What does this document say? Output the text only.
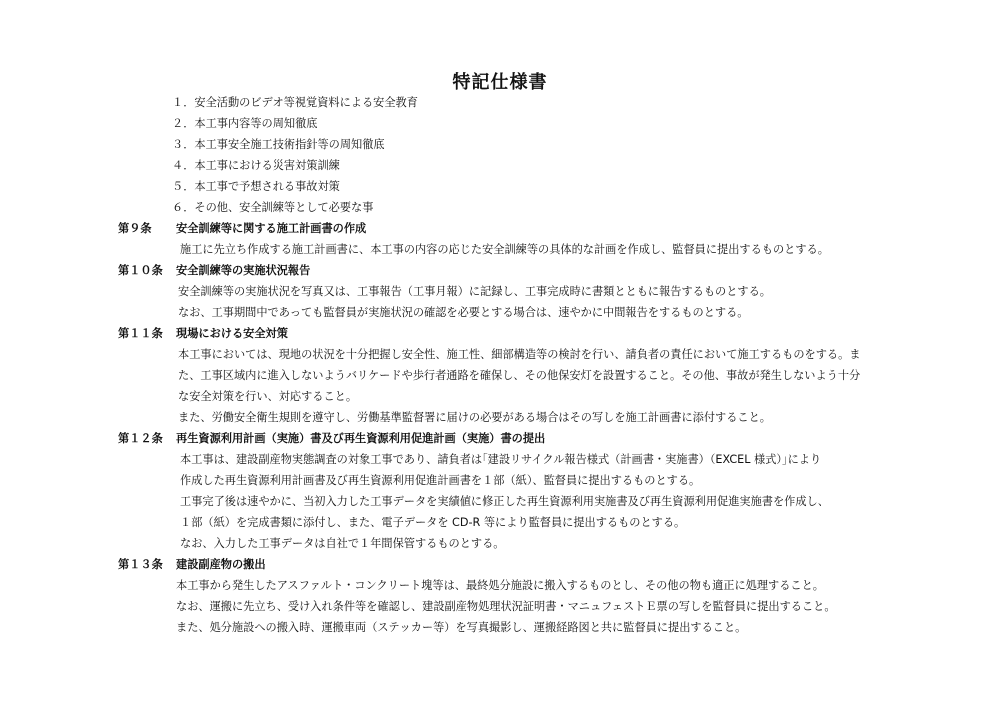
特記仕様書
１．安全活動のビデオ等視覚資料による安全教育
２．本工事内容等の周知徹底
３．本工事安全施工技術指針等の周知徹底
４．本工事における災害対策訓練
５．本工事で予想される事故対策
６．その他、安全訓練等として必要な事
第９条 安全訓練等に関する施工計画書の作成
施工に先立ち作成する施工計画書に、本工事の内容の応じた安全訓練等の具体的な計画を作成し、監督員に提出するものとする。
第１０条 安全訓練等の実施状況報告
安全訓練等の実施状況を写真又は、工事報告（工事月報）に記録し、工事完成時に書類とともに報告するものとする。
なお、工事期間中であっても監督員が実施状況の確認を必要とする場合は、速やかに中間報告をするものとする。
第１１条 現場における安全対策
本工事においては、現地の状況を十分把握し安全性、施工性、細部構造等の検討を行い、請負者の責任において施工するものをする。ま
た、工事区域内に進入しないようバリケードや歩行者通路を確保し、その他保安灯を設置すること。その他、事故が発生しないよう十分
な安全対策を行い、対応すること。
また、労働安全衛生規則を遵守し、労働基準監督署に届けの必要がある場合はその写しを施工計画書に添付すること。
第１２条 再生資源利用計画（実施）書及び再生資源利用促進計画（実施）書の提出
本工事は、建設副産物実態調査の対象工事であり、請負者は｢建設リサイクル報告様式（計画書・実施書）（EXCEL 様式）｣により
作成した再生資源利用計画書及び再生資源利用促進計画書を１部（紙）、監督員に提出するものとする。
工事完了後は速やかに、当初入力した工事データを実績値に修正した再生資源利用実施書及び再生資源利用促進実施書を作成し、
１部（紙）を完成書類に添付し、また、電子データを CD-R 等により監督員に提出するものとする。
なお、入力した工事データは自社で１年間保管するものとする。
第１３条 建設副産物の搬出
本工事から発生したアスファルト・コンクリート塊等は、最終処分施設に搬入するものとし、その他の物も適正に処理すること。
なお、運搬に先立ち、受け入れ条件等を確認し、建設副産物処理状況証明書・マニュフェストＥ票の写しを監督員に提出すること。
また、処分施設への搬入時、運搬車両（ステッカー等）を写真撮影し、運搬経路図と共に監督員に提出すること。
